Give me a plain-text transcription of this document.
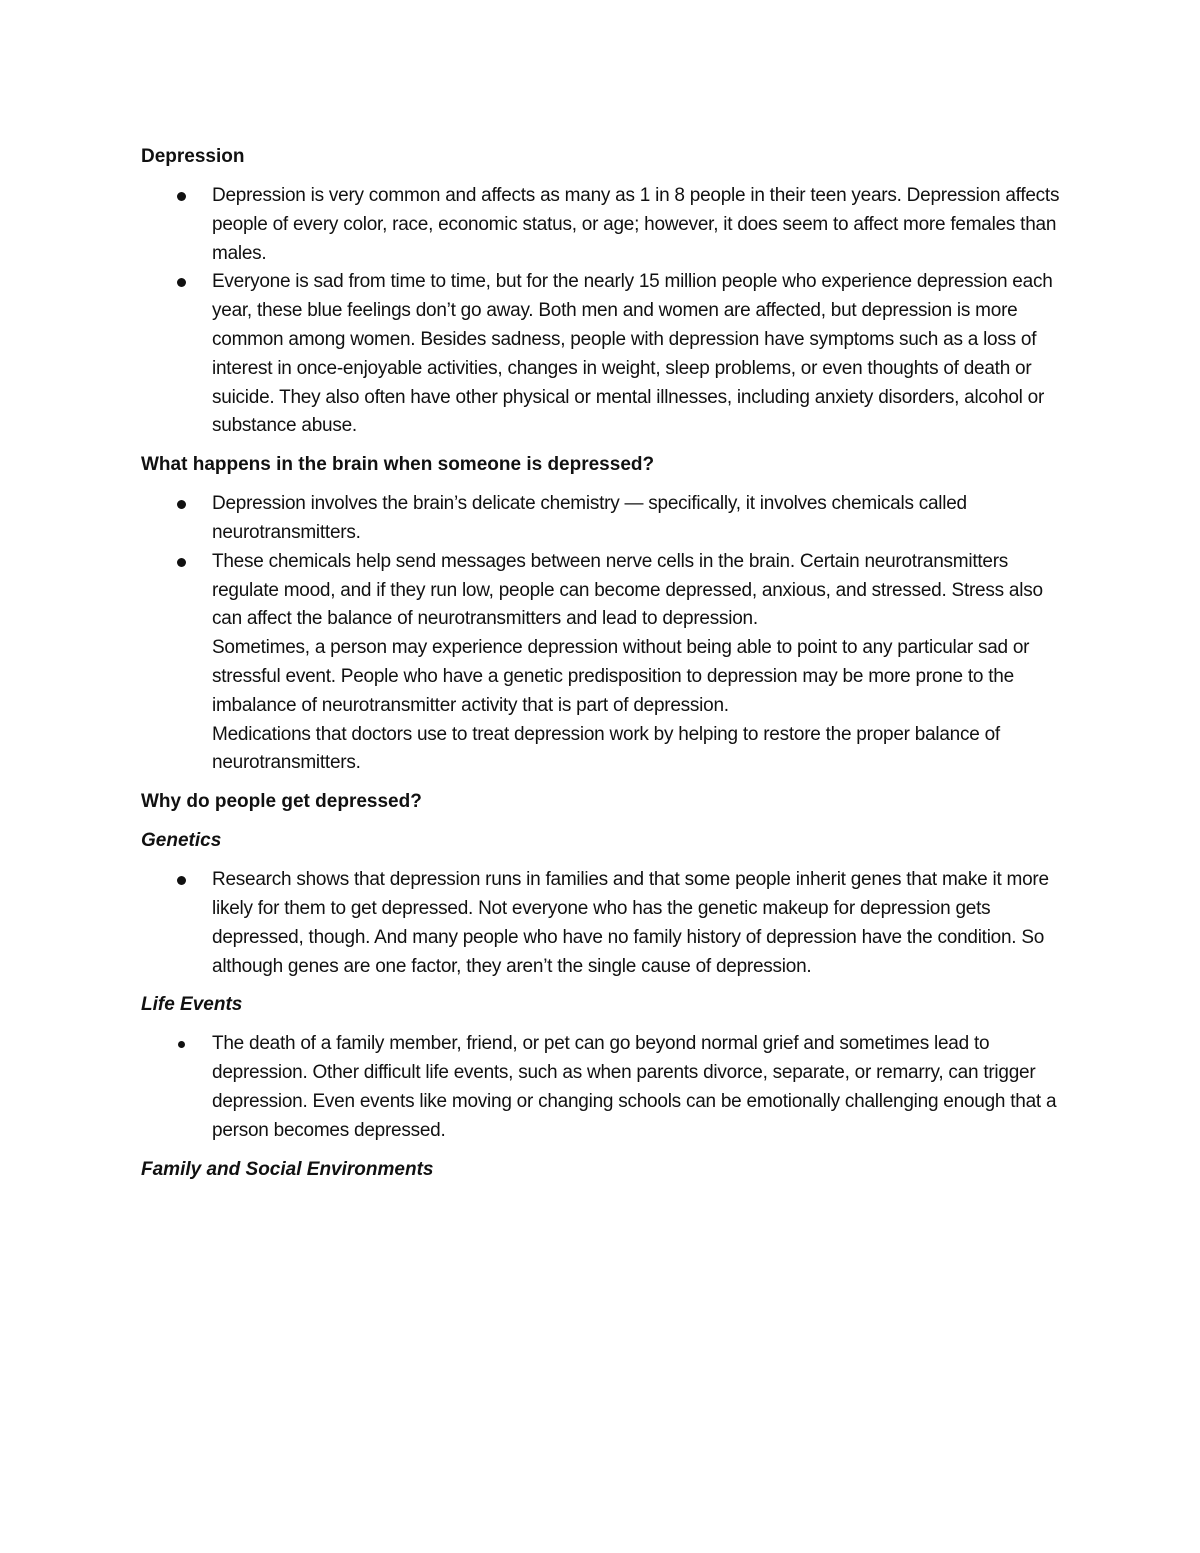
Depression
Depression is very common and affects as many as 1 in 8 people in their teen years. Depression affects people of every color, race, economic status, or age; however, it does seem to affect more females than males.
Everyone is sad from time to time, but for the nearly 15 million people who experience depression each year, these blue feelings don’t go away. Both men and women are affected, but depression is more common among women. Besides sadness, people with depression have symptoms such as a loss of interest in once-enjoyable activities, changes in weight, sleep problems, or even thoughts of death or suicide. They also often have other physical or mental illnesses, including anxiety disorders, alcohol or substance abuse.
What happens in the brain when someone is depressed?
Depression involves the brain’s delicate chemistry — specifically, it involves chemicals called neurotransmitters.
These chemicals help send messages between nerve cells in the brain. Certain neurotransmitters regulate mood, and if they run low, people can become depressed, anxious, and stressed. Stress also can affect the balance of neurotransmitters and lead to depression.
Sometimes, a person may experience depression without being able to point to any particular sad or stressful event. People who have a genetic predisposition to depression may be more prone to the imbalance of neurotransmitter activity that is part of depression.
Medications that doctors use to treat depression work by helping to restore the proper balance of neurotransmitters.
Why do people get depressed?
Genetics
Research shows that depression runs in families and that some people inherit genes that make it more likely for them to get depressed. Not everyone who has the genetic makeup for depression gets depressed, though. And many people who have no family history of depression have the condition. So although genes are one factor, they aren’t the single cause of depression.
Life Events
The death of a family member, friend, or pet can go beyond normal grief and sometimes lead to depression. Other difficult life events, such as when parents divorce, separate, or remarry, can trigger depression. Even events like moving or changing schools can be emotionally challenging enough that a person becomes depressed.
Family and Social Environments
